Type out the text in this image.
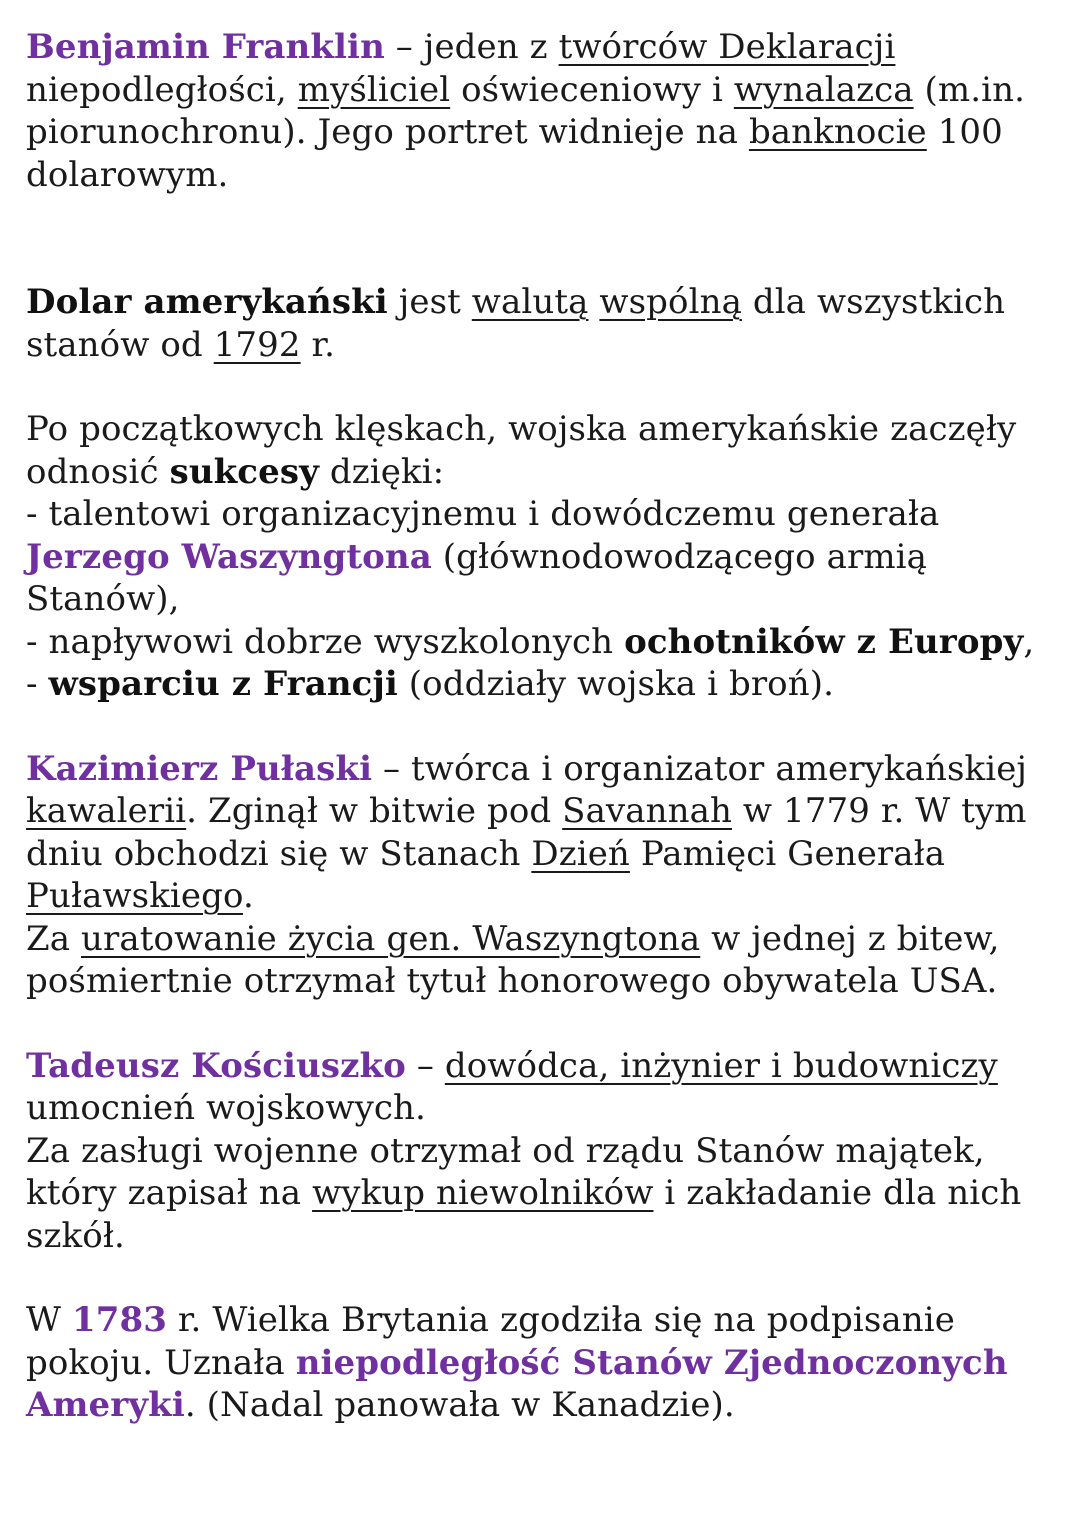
Benjamin Franklin – jeden z twórców Deklaracji niepodległości, myśliciel oświeceniowy i wynalazca (m.in. piorunochronu). Jego portret widnieje na banknocie 100 dolarowym.

Dolar amerykański jest walutą wspólną dla wszystkich stanów od 1792 r.

Po początkowych klęskach, wojska amerykańskie zaczęły odnosić sukcesy dzięki:

- talentowi organizacyjnemu i dowódczemu generała Jerzego Waszyngtona (głównodowodzącego armią Stanów),

- napływowi dobrze wyszkolonych ochotników z Europy,

- wsparciu z Francji (oddziały wojska i broń).

Kazimierz Pułaski – twórca i organizator amerykańskiej kawalerii. Zginął w bitwie pod Savannah w 1779 r. W tym dniu obchodzi się w Stanach Dzień Pamięci Generała Puławskiego.

Za uratowanie życia gen. Waszyngtona w jednej z bitew, pośmiertnie otrzymał tytuł honorowego obywatela USA.

Tadeusz Kościuszko – dowódca, inżynier i budowniczy umocnień wojskowych.

Za zasługi wojenne otrzymał od rządu Stanów majątek, który zapisał na wykup niewolników i zakładanie dla nich szkół.

W 1783 r. Wielka Brytania zgodziła się na podpisanie pokoju. Uznała niepodległość Stanów Zjednoczonych Ameryki. (Nadal panowała w Kanadzie).
